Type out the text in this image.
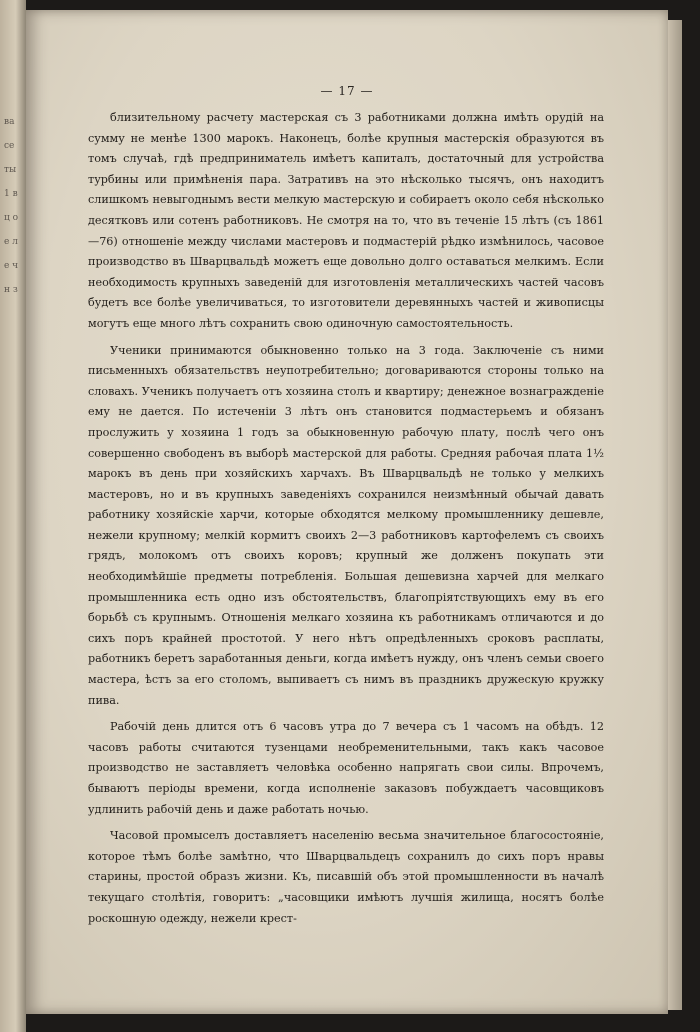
ва се ты 1 в ц о е л е ч н з
— 17 —

близительному расчету мастерская съ 3 работниками должна имѣть орудій на сумму не менѣе 1300 марокъ. Наконецъ, болѣе крупныя мастерскія образуются въ томъ случаѣ, гдѣ предприниматель имѣетъ капиталъ, достаточный для устройства турбины или примѣненія пара. Затративъ на это нѣсколько тысячъ, онъ находитъ слишкомъ невыгоднымъ вести мелкую мастерскую и собираетъ около себя нѣсколько десятковъ или сотенъ работниковъ. Не смотря на то, что въ теченіе 15 лѣтъ (съ 1861—76) отношеніе между числами мастеровъ и подмастерій рѣдко измѣнилось, часовое производство въ Шварцвальдѣ можетъ еще довольно долго оставаться мелкимъ. Если необходимость крупныхъ заведеній для изготовленія металлическихъ частей часовъ будетъ все болѣе увеличиваться, то изготовители деревянныхъ частей и живописцы могутъ еще много лѣтъ сохранить свою одиночную самостоятельность.

Ученики принимаются обыкновенно только на 3 года. Заключеніе съ ними письменныхъ обязательствъ неупотребительно; договариваются стороны только на словахъ. Ученикъ получаетъ отъ хозяина столъ и квартиру; денежное вознагражденіе ему не дается. По истеченіи 3 лѣтъ онъ становится подмастерьемъ и обязанъ прослужить у хозяина 1 годъ за обыкновенную рабочую плату, послѣ чего онъ совершенно свободенъ въ выборѣ мастерской для работы. Средняя рабочая плата 1½ марокъ въ день при хозяйскихъ харчахъ. Въ Шварцвальдѣ не только у мелкихъ мастеровъ, но и въ крупныхъ заведеніяхъ сохранился неизмѣнный обычай давать работнику хозяйскіе харчи, которые обходятся мелкому промышленнику дешевле, нежели крупному; мелкій кормитъ своихъ 2—3 работниковъ картофелемъ съ своихъ грядъ, молокомъ отъ своихъ коровъ; крупный же долженъ покупать эти необходимѣйшіе предметы потребленія. Большая дешевизна харчей для мелкаго промышленника есть одно изъ обстоятельствъ, благопріятствующихъ ему въ его борьбѣ съ крупнымъ. Отношенія мелкаго хозяина къ работникамъ отличаются и до сихъ поръ крайней простотой. У него нѣтъ опредѣленныхъ сроковъ расплаты, работникъ беретъ заработанныя деньги, когда имѣетъ нужду, онъ членъ семьи своего мастера, ѣстъ за его столомъ, выпиваетъ съ нимъ въ праздникъ дружескую кружку пива.

Рабочій день длится отъ 6 часовъ утра до 7 вечера съ 1 часомъ на обѣдъ. 12 часовъ работы считаются тузенцами необременительными, такъ какъ часовое производство не заставляетъ человѣка особенно напрягать свои силы. Впрочемъ, бываютъ періоды времени, когда исполненіе заказовъ побуждаетъ часовщиковъ удлинить рабочій день и даже работать ночью.

Часовой промыселъ доставляетъ населенію весьма значительное благосостояніе, которое тѣмъ болѣе замѣтно, что Шварцвальдецъ сохранилъ до сихъ поръ нравы старины, простой образъ жизни. Къ, писавшій объ этой промышленности въ началѣ текущаго столѣтія, говоритъ: „часовщики имѣютъ лучшія жилища, носятъ болѣе роскошную одежду, нежели крест-
